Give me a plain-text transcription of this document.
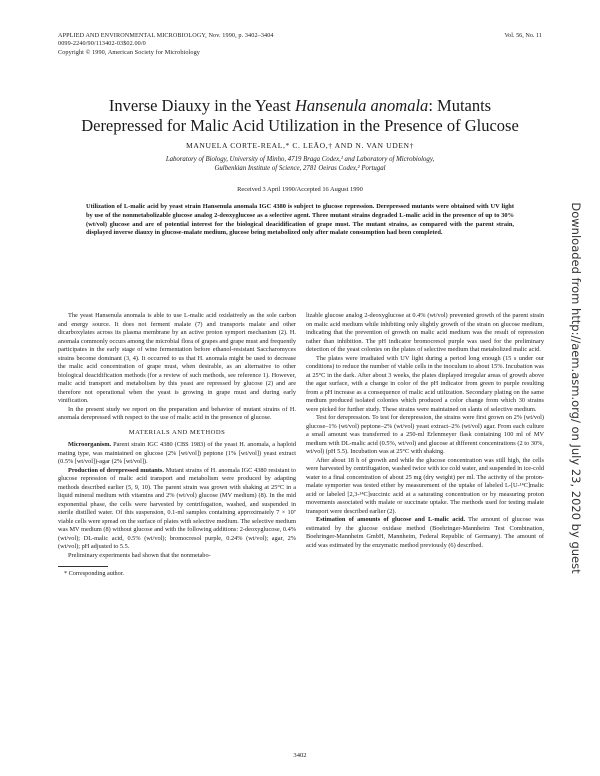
APPLIED AND ENVIRONMENTAL MICROBIOLOGY, Nov. 1990, p. 3402–3404
0099-2240/90/113402-03$02.00/0
Copyright © 1990, American Society for Microbiology
Vol. 56, No. 11
Inverse Diauxy in the Yeast Hansenula anomala: Mutants
Derepressed for Malic Acid Utilization in the Presence of Glucose
MANUELA CORTE-REAL,* C. LEÃO,† AND N. VAN UDEN†
Laboratory of Biology, University of Minho, 4719 Braga Codex,¹ and Laboratory of Microbiology,
Gulbenkian Institute of Science, 2781 Oeiras Codex,² Portugal
Received 3 April 1990/Accepted 16 August 1990
Utilization of L-malic acid by yeast strain Hansenula anomala IGC 4380 is subject to glucose repression. Derepressed mutants were obtained with UV light by use of the nonmetabolizable glucose analog 2-deoxyglucose as a selective agent. Three mutant strains degraded L-malic acid in the presence of up to 30% (wt/vol) glucose and are of potential interest for the biological deacidification of grape must. The mutant strains, as compared with the parent strain, displayed inverse diauxy in glucose-malate medium, glucose being metabolized only after malate consumption had been completed.

The yeast Hansenula anomala is able to use L-malic acid oxidatively as the sole carbon and energy source. It does not ferment malate (7) and transports malate and other dicarboxylates across its plasma membrane by an active proton symport mechanism (2). H. anomala commonly occurs among the microbial flora of grapes and grape must and frequently participates in the early stage of wine fermentation before ethanol-resistant Saccharomyces strains become dominant (3, 4). It occurred to us that H. anomala might be used to decrease the malic acid concentration of grape must, when desirable, as an alternative to other biological deacidification methods (for a review of such methods, see reference 1). However, malic acid transport and metabolism by this yeast are repressed by glucose (2) and are therefore not operational when the yeast is growing in grape must and during early vinification.

In the present study we report on the preparation and behavior of mutant strains of H. anomala derepressed with respect to the use of malic acid in the presence of glucose.

MATERIALS AND METHODS

Microorganism. Parent strain IGC 4380 (CBS 1983) of the yeast H. anomala, a haploid mating type, was maintained on glucose (2% [wt/vol]) peptone (1% [wt/vol]) yeast extract (0.5% [wt/vol])-agar (2% [wt/vol]).

Production of derepressed mutants. Mutant strains of H. anomala IGC 4380 resistant to glucose repression of malic acid transport and metabolism were produced by adapting methods described earlier (5, 9, 10). The parent strain was grown with shaking at 25°C in a liquid mineral medium with vitamins and 2% (wt/vol) glucose (MV medium) (8). In the mid exponential phase, the cells were harvested by centrifugation, washed, and suspended in sterile distilled water. Of this suspension, 0.1-ml samples containing approximately 7 × 10⁷ viable cells were spread on the surface of plates with selective medium. The selective medium was MV medium (8) without glucose and with the following additions: 2-deoxyglucose, 0.4% (wt/vol); DL-malic acid, 0.5% (wt/vol); bromocresol purple, 0.24% (wt/vol); agar, 2% (wt/vol); pH adjusted to 5.5.

Preliminary experiments had shown that the nonmetabo-

* Corresponding author.

lizable glucose analog 2-deoxyglucose at 0.4% (wt/vol) prevented growth of the parent strain on malic acid medium while inhibiting only slightly growth of the strain on glucose medium, indicating that the prevention of growth on malic acid medium was the result of repression rather than inhibition. The pH indicator bromocresol purple was used for the preliminary detection of the yeast colonies on the plates of selective medium that metabolized malic acid.

The plates were irradiated with UV light during a period long enough (15 s under our conditions) to reduce the number of viable cells in the inoculum to about 15%. Incubation was at 25°C in the dark. After about 3 weeks, the plates displayed irregular areas of growth above the agar surface, with a change in color of the pH indicator from green to purple resulting from a pH increase as a consequence of malic acid utilization. Secondary plating on the same medium produced isolated colonies which produced a color change from which 30 strains were picked for further study. These strains were maintained on slants of selective medium.

Test for derepression. To test for derepression, the strains were first grown on 2% (wt/vol) glucose–1% (wt/vol) peptone–2% (wt/vol) yeast extract–2% (wt/vol) agar. From each culture a small amount was transferred to a 250-ml Erlenmeyer flask containing 100 ml of MV medium with DL-malic acid (0.5%, wt/vol) and glucose at different concentrations (2 to 30%, wt/vol) (pH 5.5). Incubation was at 25°C with shaking.

After about 18 h of growth and while the glucose concentration was still high, the cells were harvested by centrifugation, washed twice with ice cold water, and suspended in ice-cold water to a final concentration of about 25 mg (dry weight) per ml. The activity of the proton-malate symporter was tested either by measurement of the uptake of labeled L-[U-¹⁴C]malic acid or labeled [2,3-¹⁴C]succinic acid at a saturating concentration or by measuring proton movements associated with malate or succinate uptake. The methods used for testing malate transport were described earlier (2).

Estimation of amounts of glucose and L-malic acid. The amount of glucose was estimated by the glucose oxidase method (Boehringer-Mannheim Test Combination, Boehringer-Mannheim GmbH, Mannheim, Federal Republic of Germany). The amount of acid was estimated by the enzymatic method previously (6) described.

3402
Downloaded from http://aem.asm.org/ on July 23, 2020 by guest
